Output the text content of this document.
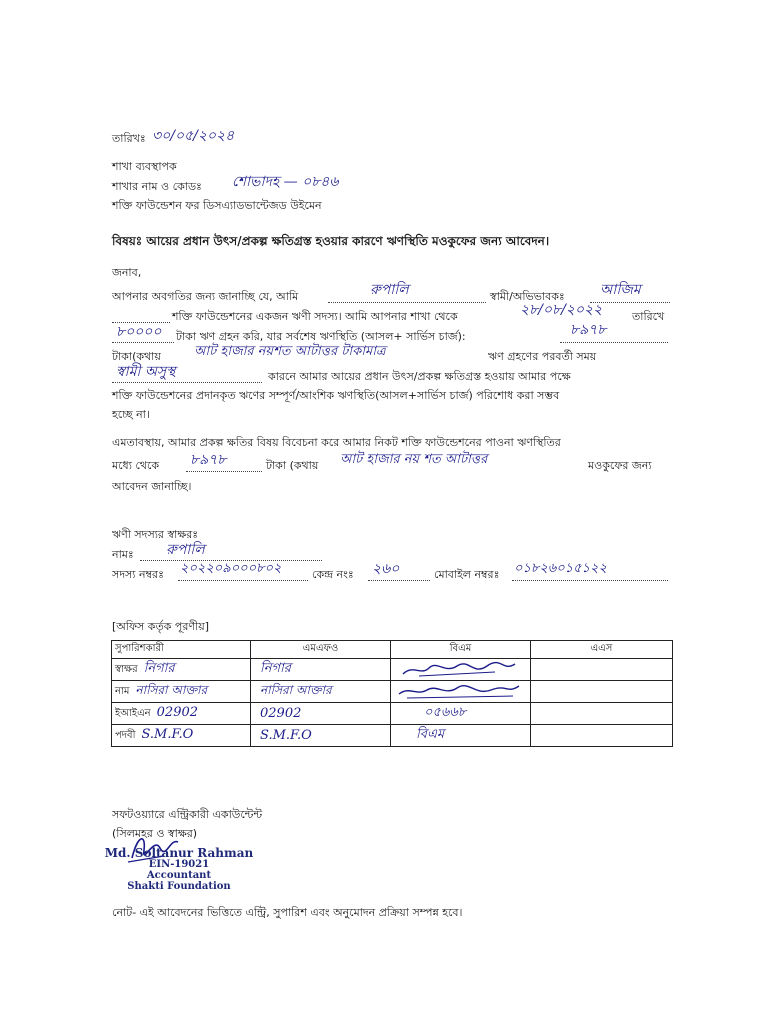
তারিখঃ ৩০/০৫/২০২৪
শাখা ব্যবস্থাপক
শাখার নাম ও কোডঃ শোভাদহ — ০৮৪৬
শক্তি ফাউন্ডেশন ফর ডিসএ্যাডভান্টেজড উইমেন
বিষয়ঃ আয়ের প্রধান উৎস/প্রকল্প ক্ষতিগ্রস্ত হওয়ার কারণে ঋণস্থিতি মওকুফের জন্য আবেদন।
জনাব,
আপনার অবগতির জন্য জানাচ্ছি যে, আমি	রুপালি	স্বামী/অভিভাবকঃ	আজিম
শক্তি ফাউন্ডেশনের একজন ঋণী সদস্য। আমি আপনার শাখা থেকে	২৮/০৮/২০২২	তারিখে
৮০০০০ টাকা ঋণ গ্রহন করি, যার সর্বশেষ ঋণস্থিতি (আসল+ সার্ভিস চার্জ):	৮৯৭৮
টাকা(কথায়	আট হাজার নয়শত আটাত্তর টাকামাত্র	ঋণ গ্রহণের পরবর্তী সময়
স্বামী অসুস্থ	কারনে আমার আয়ের প্রধান উৎস/প্রকল্প ক্ষতিগ্রস্ত হওয়ায় আমার পক্ষে
শক্তি ফাউন্ডেশনের প্রদানকৃত ঋণের সম্পূর্ণ/আংশিক ঋণস্থিতি(আসল+সার্ভিস চার্জ) পরিশোধ করা সম্ভব
হচ্ছে না।
এমতাবস্থায়, আমার প্রকল্প ক্ষতির বিষয় বিবেচনা করে আমার নিকট শক্তি ফাউন্ডেশনের পাওনা ঋণস্থিতির
মধ্যে থেকে ৮৯৭৮	টাকা (কথায় আট হাজার নয় শত আটাত্তর	মওকুফের জন্য
আবেদন জানাচ্ছি।
ঋণী সদস্যর স্বাক্ষরঃ
নামঃ রুপালি
সদস্য নম্বরঃ ২০২২০৯০০০৮০২	কেন্দ্র নংঃ ২৬০	মোবাইল নম্বরঃ ০১৮২৬০১৫১২২
[অফিস কর্তৃক পূরণীয়]
সুপারিশকারী	এমএফও	বিএম	এএস
স্বাক্ষর নিগার	নিগার	

নাম নাসিরা আক্তার	নাসিরা আক্তার	

ইআইএন 02902	02902	০৫৬৬৮	
পদবী S.M.F.O	S.M.F.O	বিএম	
সফটওয়্যারে এন্ট্রিকারী একাউন্টেন্ট
(সিলমহর ও স্বাক্ষর)
Md. Soltanur Rahman
EIN-19021
Accountant
Shakti Foundation
নোট- এই আবেদনের ভিত্তিতে এন্ট্রি, সুপারিশ এবং অনুমোদন প্রক্রিয়া সম্পন্ন হবে।
